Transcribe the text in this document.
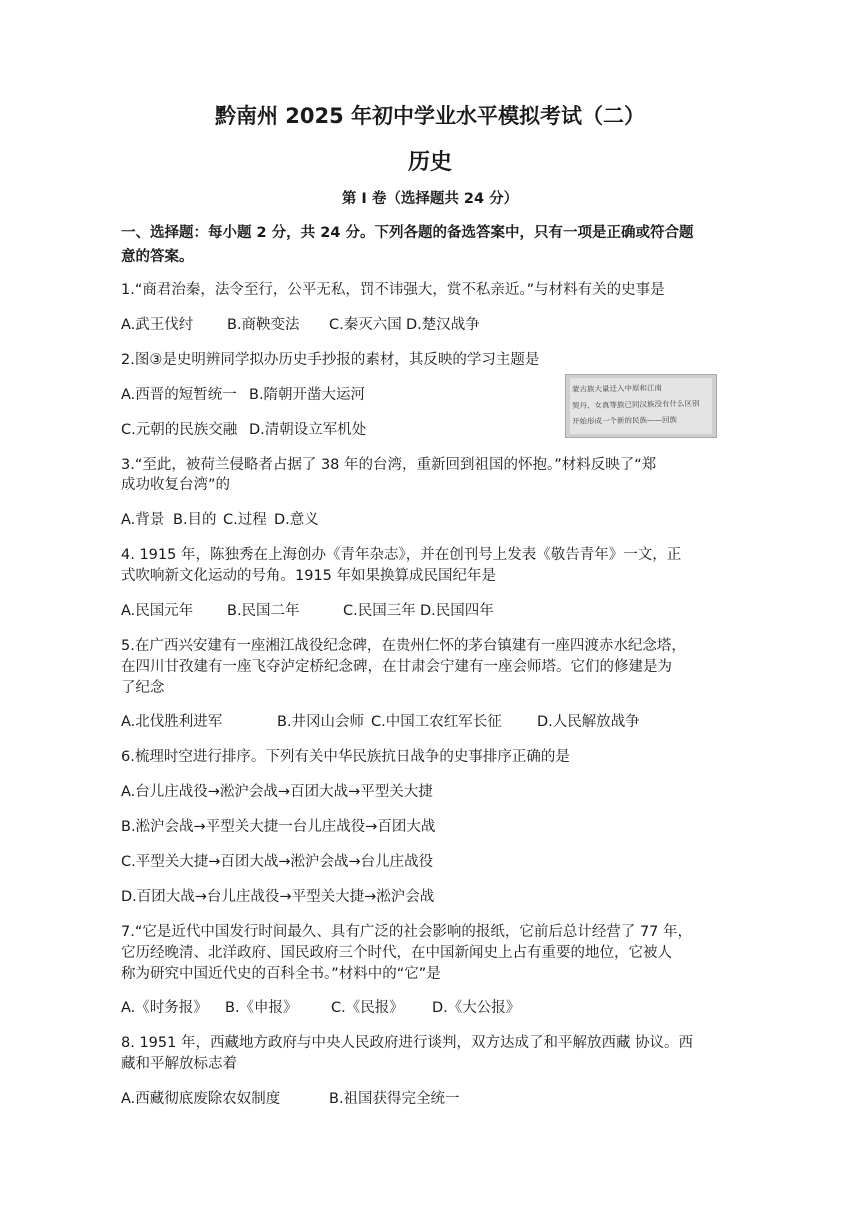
黔南州 2025 年初中学业水平模拟考试（二）
历史
第 I 卷（选择题共 24 分）
一、选择题：每小题 2 分，共 24 分。下列各题的备选答案中，只有一项是正确或符合题
意的答案。
1.“商君治秦，法令至行，公平无私，罚不讳强大，赏不私亲近。”与材料有关的史事是
A.武王伐纣 B.商鞅变法 C.秦灭六国 D.楚汉战争
2.图③是史明辨同学拟办历史手抄报的素材，其反映的学习主题是
A.西晋的短暂统一 B.隋朝开凿大运河
C.元朝的民族交融 D.清朝设立军机处
蒙古族大量迁入中原和江南
契丹、女真等族已同汉族没有什么区别
开始形成一个新的民族——回族
3.“至此，被荷兰侵略者占据了 38 年的台湾，重新回到祖国的怀抱。”材料反映了“郑
成功收复台湾”的
A.背景 B.目的 C.过程 D.意义
4. 1915 年，陈独秀在上海创办《青年杂志》，并在创刊号上发表《敬告青年》一文，正
式吹响新文化运动的号角。1915 年如果换算成民国纪年是
A.民国元年 B.民国二年	C.民国三年 D.民国四年
5.在广西兴安建有一座湘江战役纪念碑，在贵州仁怀的茅台镇建有一座四渡赤水纪念塔，
在四川甘孜建有一座飞夺泸定桥纪念碑，在甘肃会宁建有一座会师塔。它们的修建是为
了纪念
A.北伐胜利进军	B.井冈山会师 C.中国工农红军长征 D.人民解放战争
6.梳理时空进行排序。下列有关中华民族抗日战争的史事排序正确的是
A.台儿庄战役→淞沪会战→百团大战→平型关大捷
B.淞沪会战→平型关大捷一台儿庄战役→百团大战
C.平型关大捷→百团大战→淞沪会战→台儿庄战役
D.百团大战→台儿庄战役→平型关大捷→淞沪会战
7.“它是近代中国发行时间最久、具有广泛的社会影响的报纸，它前后总计经营了 77 年，
它历经晚清、北洋政府、国民政府三个时代，在中国新闻史上占有重要的地位，它被人
称为研究中国近代史的百科全书。”材料中的“它”是
A.《时务报》 B.《申报》 C.《民报》 D.《大公报》
8. 1951 年，西藏地方政府与中央人民政府进行谈判，双方达成了和平解放西藏 协议。西
藏和平解放标志着
A.西藏彻底废除农奴制度	B.祖国获得完全统一
